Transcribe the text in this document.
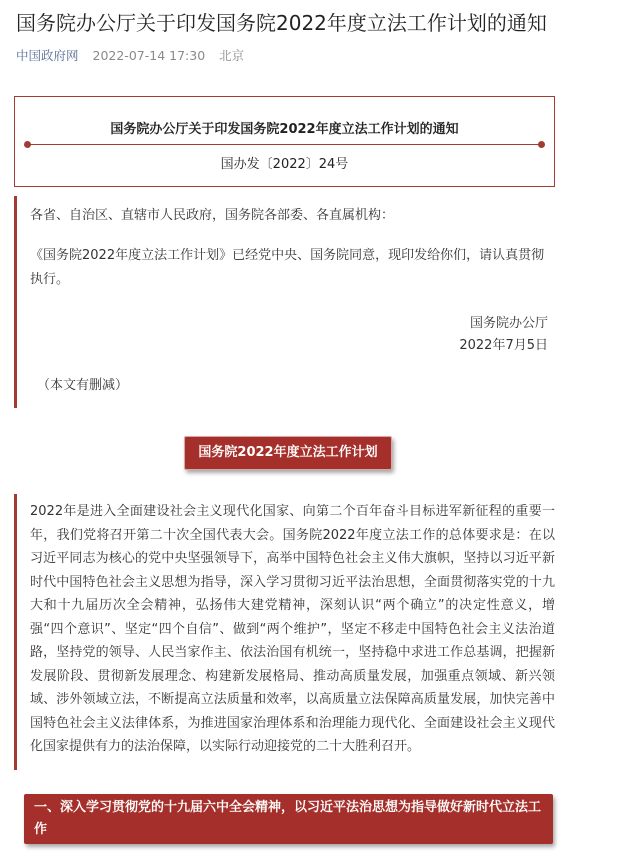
国务院办公厅关于印发国务院2022年度立法工作计划的通知
中国政府网 2022-07-14 17:30 北京
国务院办公厅关于印发国务院2022年度立法工作计划的通知
国办发〔2022〕24号

各省、自治区、直辖市人民政府，国务院各部委、各直属机构：

《国务院2022年度立法工作计划》已经党中央、国务院同意，现印发给你们，请认真贯彻执行。

国务院办公厅

2022年7月5日

（本文有删减）

国务院2022年度立法工作计划

2022年是进入全面建设社会主义现代化国家、向第二个百年奋斗目标进军新征程的重要一年，我们党将召开第二十次全国代表大会。国务院2022年度立法工作的总体要求是：在以习近平同志为核心的党中央坚强领导下，高举中国特色社会主义伟大旗帜，坚持以习近平新时代中国特色社会主义思想为指导，深入学习贯彻习近平法治思想，全面贯彻落实党的十九大和十九届历次全会精神，弘扬伟大建党精神，深刻认识“两个确立”的决定性意义，增强“四个意识”、坚定“四个自信”、做到“两个维护”，坚定不移走中国特色社会主义法治道路，坚持党的领导、人民当家作主、依法治国有机统一，坚持稳中求进工作总基调，把握新发展阶段、贯彻新发展理念、构建新发展格局、推动高质量发展，加强重点领域、新兴领域、涉外领域立法，不断提高立法质量和效率，以高质量立法保障高质量发展，加快完善中国特色社会主义法律体系，为推进国家治理体系和治理能力现代化、全面建设社会主义现代化国家提供有力的法治保障，以实际行动迎接党的二十大胜利召开。

一、深入学习贯彻党的十九届六中全会精神，以习近平法治思想为指导做好新时代立法工作
